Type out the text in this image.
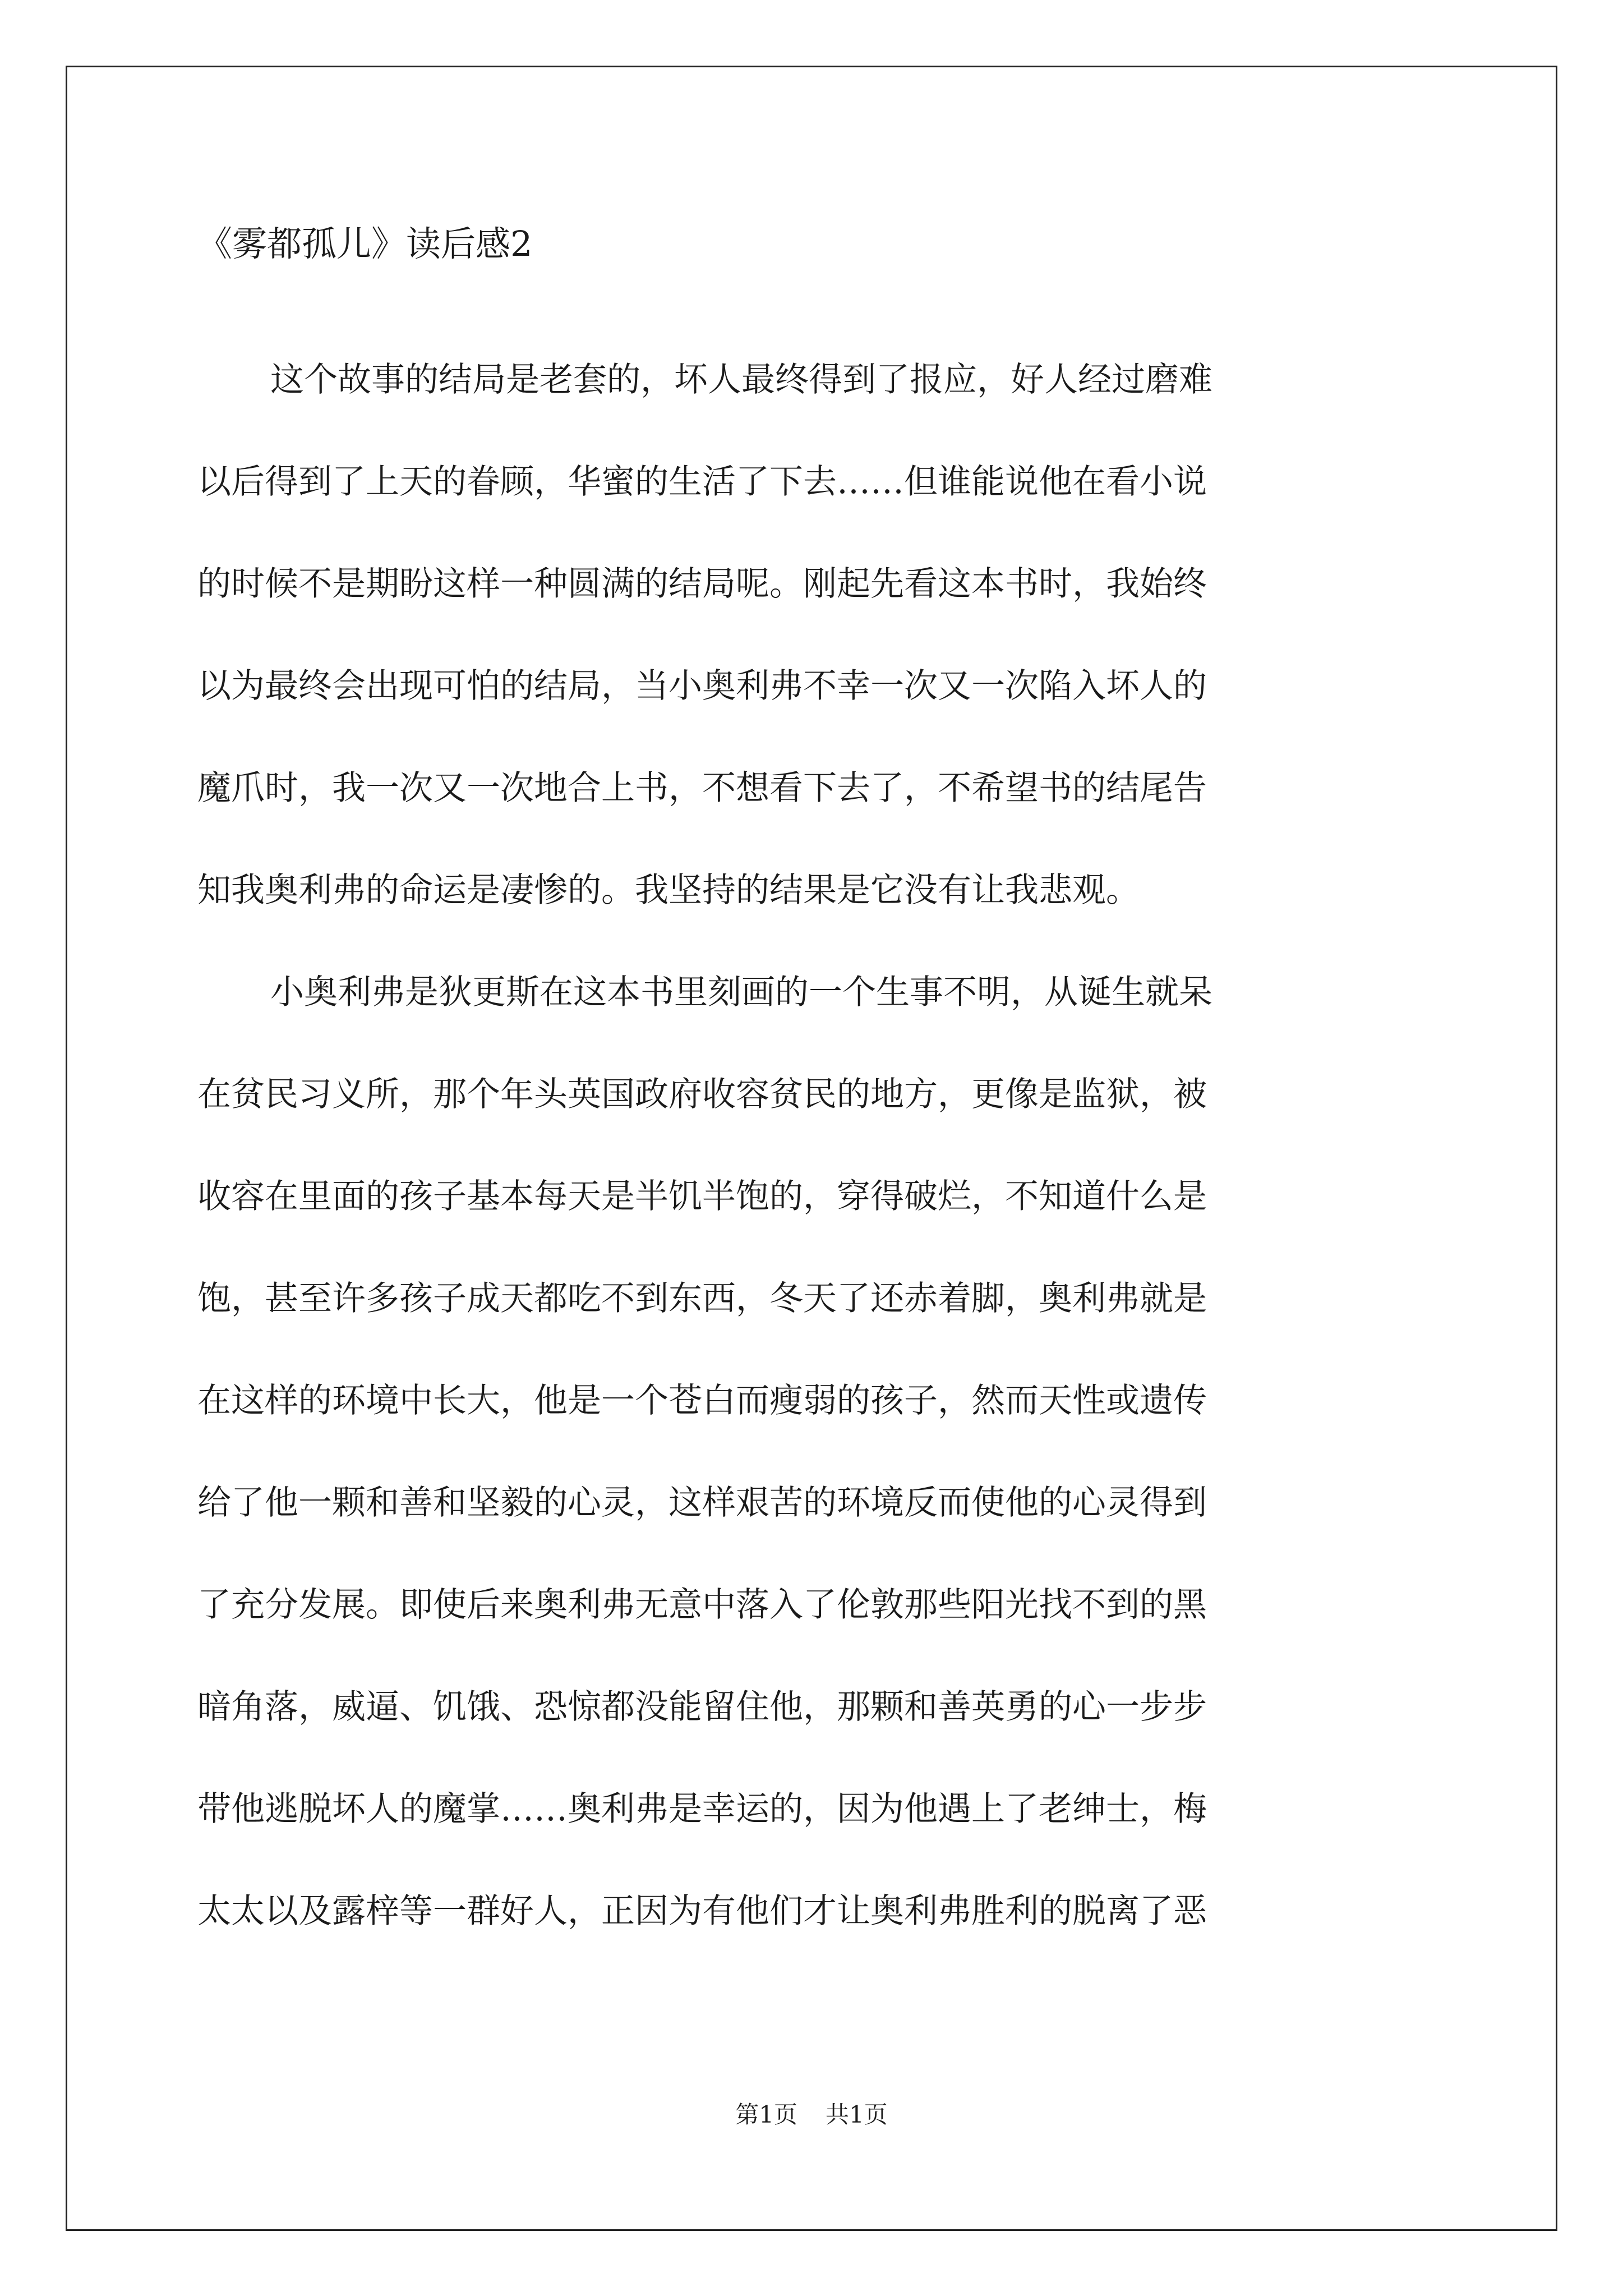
《雾都孤儿》读后感2
这个故事的结局是老套的，坏人最终得到了报应，好人经过磨难
以后得到了上天的眷顾，华蜜的生活了下去……但谁能说他在看小说
的时候不是期盼这样一种圆满的结局呢。刚起先看这本书时，我始终
以为最终会出现可怕的结局，当小奥利弗不幸一次又一次陷入坏人的
魔爪时，我一次又一次地合上书，不想看下去了，不希望书的结尾告
知我奥利弗的命运是凄惨的。我坚持的结果是它没有让我悲观。
小奥利弗是狄更斯在这本书里刻画的一个生事不明，从诞生就呆
在贫民习义所，那个年头英国政府收容贫民的地方，更像是监狱，被
收容在里面的孩子基本每天是半饥半饱的，穿得破烂，不知道什么是
饱，甚至许多孩子成天都吃不到东西，冬天了还赤着脚，奥利弗就是
在这样的环境中长大，他是一个苍白而瘦弱的孩子，然而天性或遗传
给了他一颗和善和坚毅的心灵，这样艰苦的环境反而使他的心灵得到
了充分发展。即使后来奥利弗无意中落入了伦敦那些阳光找不到的黑
暗角落，威逼、饥饿、恐惊都没能留住他，那颗和善英勇的心一步步
带他逃脱坏人的魔掌……奥利弗是幸运的，因为他遇上了老绅士，梅
太太以及露梓等一群好人，正因为有他们才让奥利弗胜利的脱离了恶
第1页 共1页
